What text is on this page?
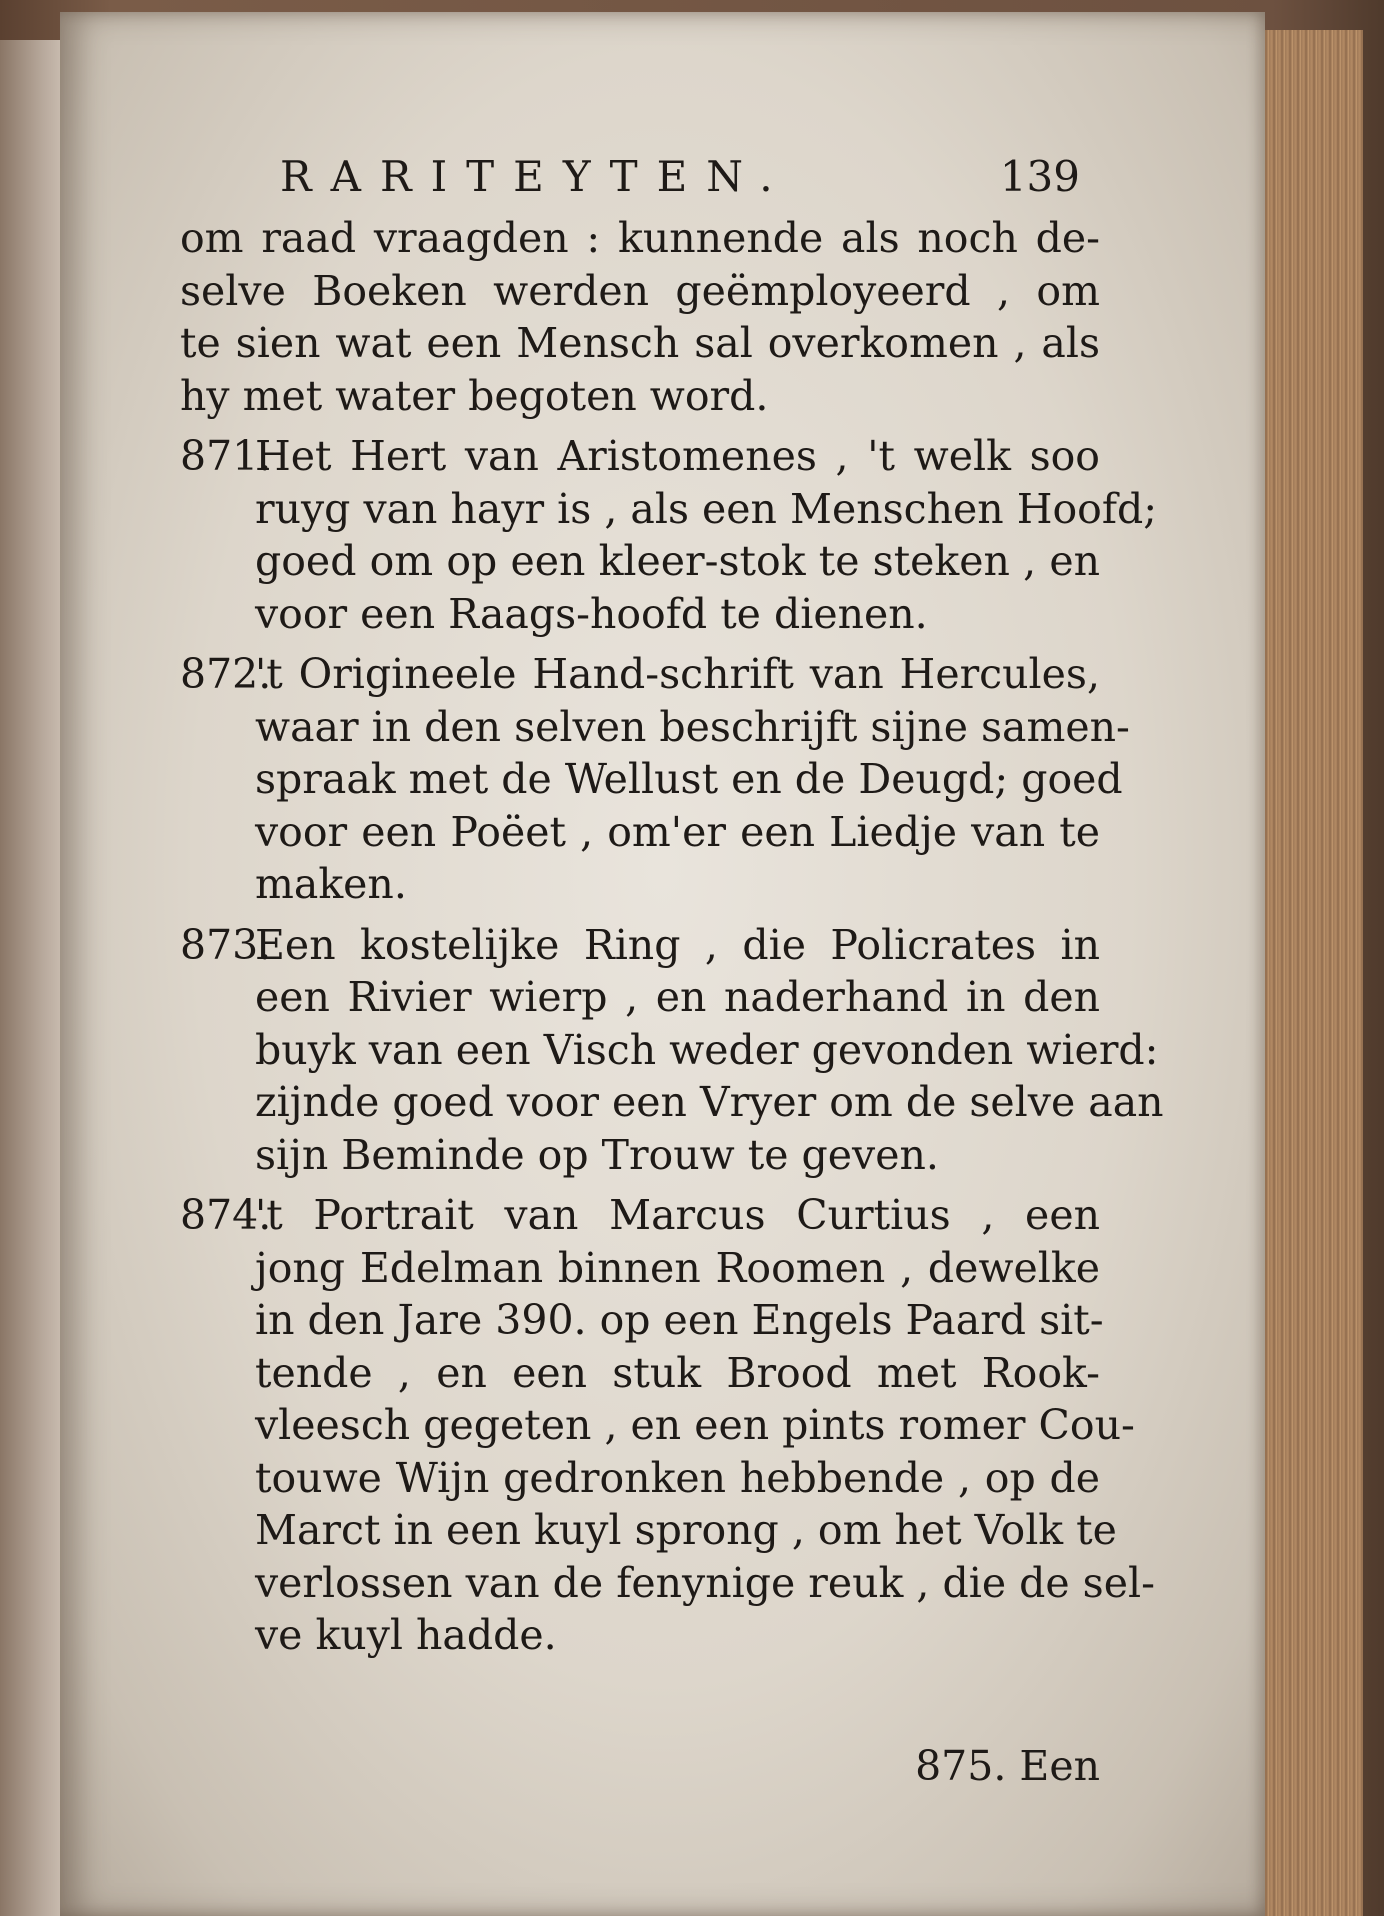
RARITEYTEN.	139
om raad vraagden : kunnende als noch de-
selve Boeken werden geëmployeerd , om
te sien wat een Mensch sal overkomen , als
hy met water begoten word.
871.
Het Hert van Aristomenes , 't welk soo
ruyg van hayr is , als een Menschen Hoofd;
goed om op een kleer-stok te steken , en
voor een Raags-hoofd te dienen.
872.
't Origineele Hand-schrift van Hercules,
waar in den selven beschrijft sijne samen-
spraak met de Wellust en de Deugd; goed
voor een Poëet , om'er een Liedje van te
maken.
873.
Een kostelijke Ring , die Policrates in
een Rivier wierp , en naderhand in den
buyk van een Visch weder gevonden wierd:
zijnde goed voor een Vryer om de selve aan
sijn Beminde op Trouw te geven.
874.
't Portrait van Marcus Curtius , een
jong Edelman binnen Roomen , dewelke
in den Jare 390. op een Engels Paard sit-
tende , en een stuk Brood met Rook-
vleesch gegeten , en een pints romer Cou-
touwe Wijn gedronken hebbende , op de
Marct in een kuyl sprong , om het Volk te
verlossen van de fenynige reuk , die de sel-
ve kuyl hadde.
875. Een
